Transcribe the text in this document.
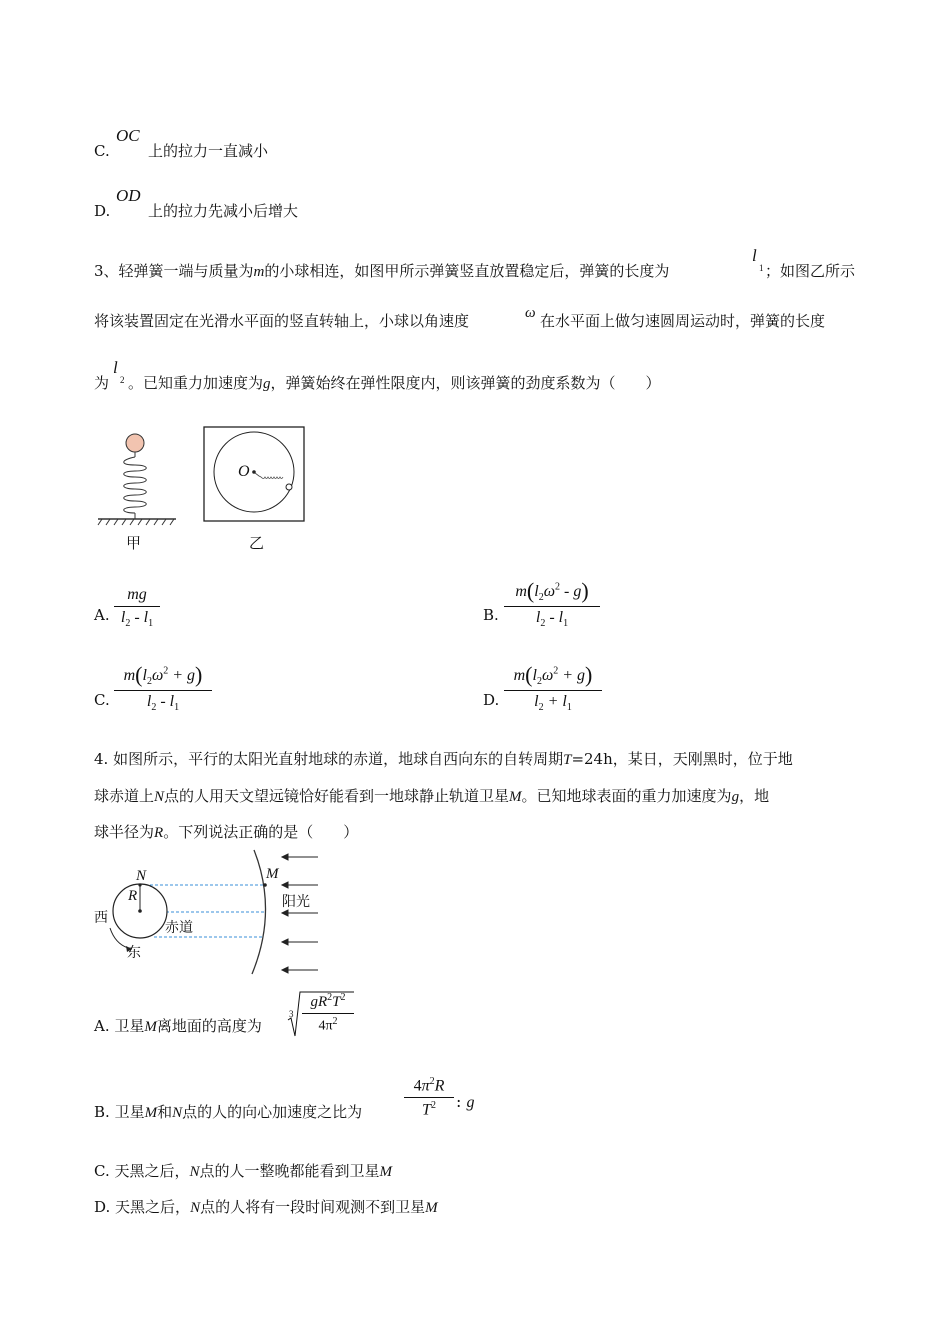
C.
OC
上的拉力一直减小
D.
OD
上的拉力先减小后增大
3、轻弹簧一端与质量为m的小球相连，如图甲所示弹簧竖直放置稳定后，弹簧的长度为
l
1 ；如图乙所示
将该装置固定在光滑水平面的竖直转轴上，小球以角速度	ω 在水平面上做匀速圆周运动时，弹簧的长度
为
l
2 。已知重力加速度为g，弹簧始终在弹性限度内，则该弹簧的劲度系数为（　　）
O
甲	乙
A.
mg
$l_2 - l_1$	B.
$m(l_2\omega^2 - g)$
$l_2 - l_1$
C.
$m(l_2\omega^2 + g)$
$l_2 - l_1$	D.
$m(l_2\omega^2 + g)$
$l_2 + l_1$
4. 如图所示，平行的太阳光直射地球的赤道，地球自西向东的自转周期T=24h，某日，天刚黑时，位于地
球赤道上N点的人用天文望远镜恰好能看到一地球静止轨道卫星M。已知地球表面的重力加速度为g，地
球半径为R。下列说法正确的是（　　）
N	M
R
西
东
赤道
阳光
A. 卫星M离地面的高度为
3
$gR^2T^2$
$4\pi^2$
B. 卫星M和N点的人的向心加速度之比为
$4\pi^2R$
$T^2$	: g
C. 天黑之后，N点的人一整晚都能看到卫星M
D. 天黑之后，N点的人将有一段时间观测不到卫星M
